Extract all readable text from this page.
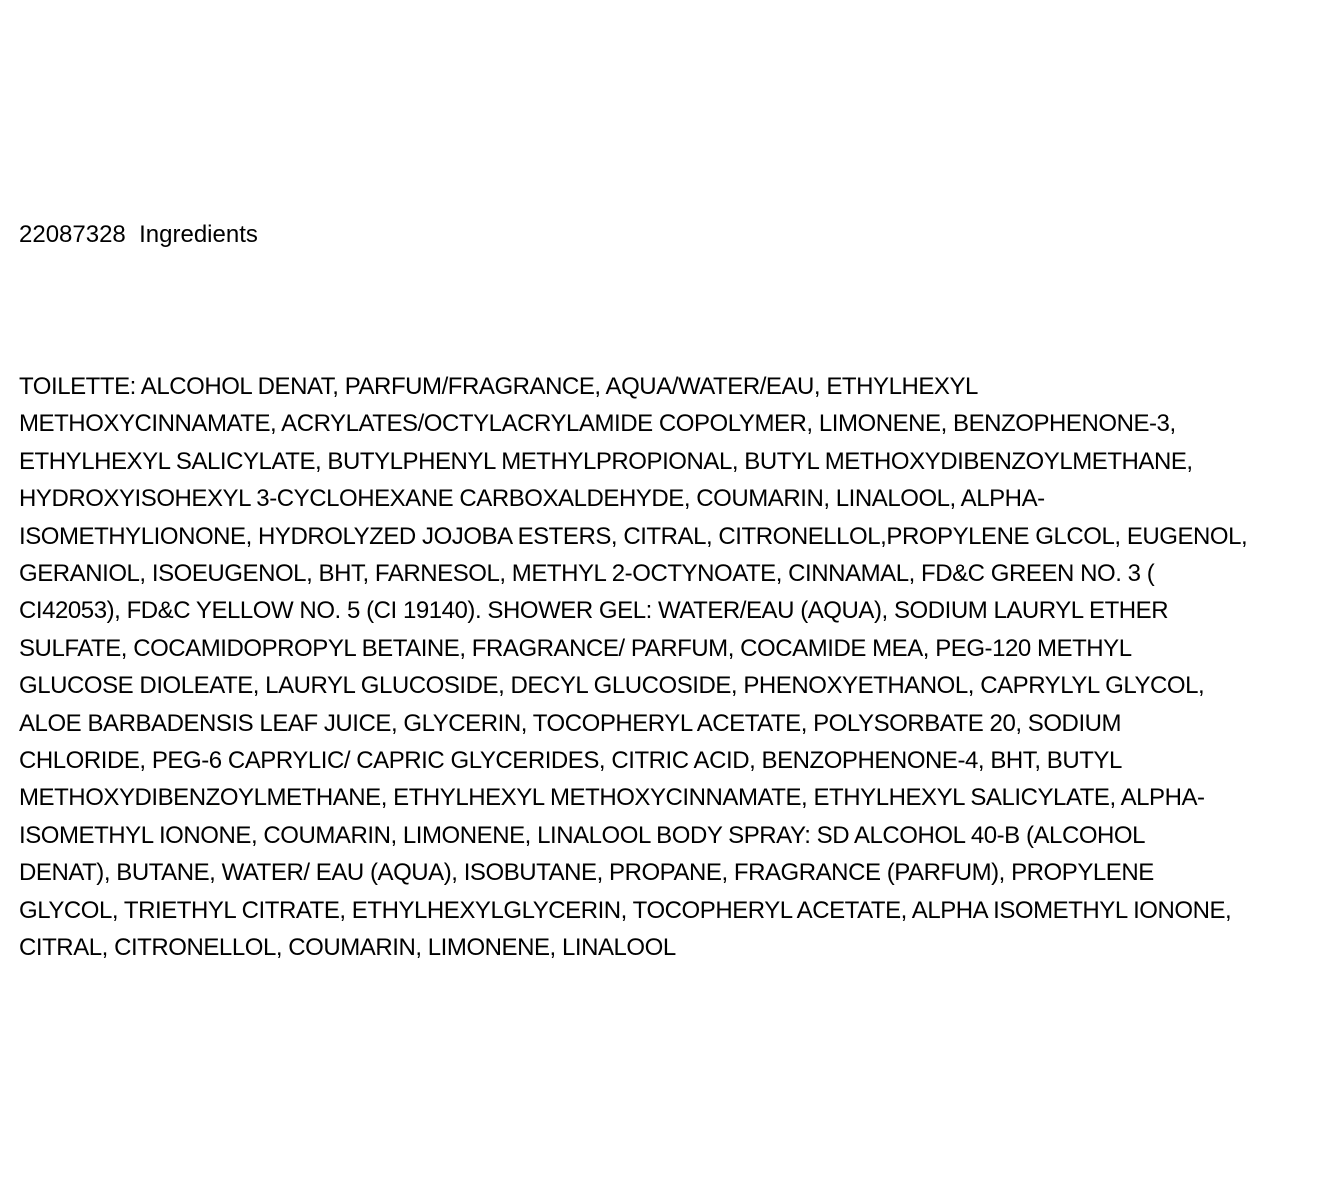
22087328  Ingredients
TOILETTE: ALCOHOL DENAT, PARFUM/FRAGRANCE, AQUA/WATER/EAU, ETHYLHEXYL
METHOXYCINNAMATE, ACRYLATES/OCTYLACRYLAMIDE COPOLYMER, LIMONENE, BENZOPHENONE-3,
ETHYLHEXYL SALICYLATE, BUTYLPHENYL METHYLPROPIONAL, BUTYL METHOXYDIBENZOYLMETHANE,
HYDROXYISOHEXYL 3-CYCLOHEXANE CARBOXALDEHYDE, COUMARIN, LINALOOL, ALPHA-
ISOMETHYLIONONE, HYDROLYZED JOJOBA ESTERS, CITRAL, CITRONELLOL,PROPYLENE GLCOL, EUGENOL,
GERANIOL, ISOEUGENOL, BHT, FARNESOL, METHYL 2-OCTYNOATE, CINNAMAL, FD&C GREEN NO. 3 (
CI42053), FD&C YELLOW NO. 5 (CI 19140). SHOWER GEL: WATER/EAU (AQUA), SODIUM LAURYL ETHER
SULFATE, COCAMIDOPROPYL BETAINE, FRAGRANCE/ PARFUM, COCAMIDE MEA, PEG-120 METHYL
GLUCOSE DIOLEATE, LAURYL GLUCOSIDE, DECYL GLUCOSIDE, PHENOXYETHANOL, CAPRYLYL GLYCOL,
ALOE BARBADENSIS LEAF JUICE, GLYCERIN, TOCOPHERYL ACETATE, POLYSORBATE 20, SODIUM
CHLORIDE, PEG-6 CAPRYLIC/ CAPRIC GLYCERIDES, CITRIC ACID, BENZOPHENONE-4, BHT, BUTYL
METHOXYDIBENZOYLMETHANE, ETHYLHEXYL METHOXYCINNAMATE, ETHYLHEXYL SALICYLATE, ALPHA-
ISOMETHYL IONONE, COUMARIN, LIMONENE, LINALOOL BODY SPRAY: SD ALCOHOL 40-B (ALCOHOL
DENAT), BUTANE, WATER/ EAU (AQUA), ISOBUTANE, PROPANE, FRAGRANCE (PARFUM), PROPYLENE
GLYCOL, TRIETHYL CITRATE, ETHYLHEXYLGLYCERIN, TOCOPHERYL ACETATE, ALPHA ISOMETHYL IONONE,
CITRAL, CITRONELLOL, COUMARIN, LIMONENE, LINALOOL
